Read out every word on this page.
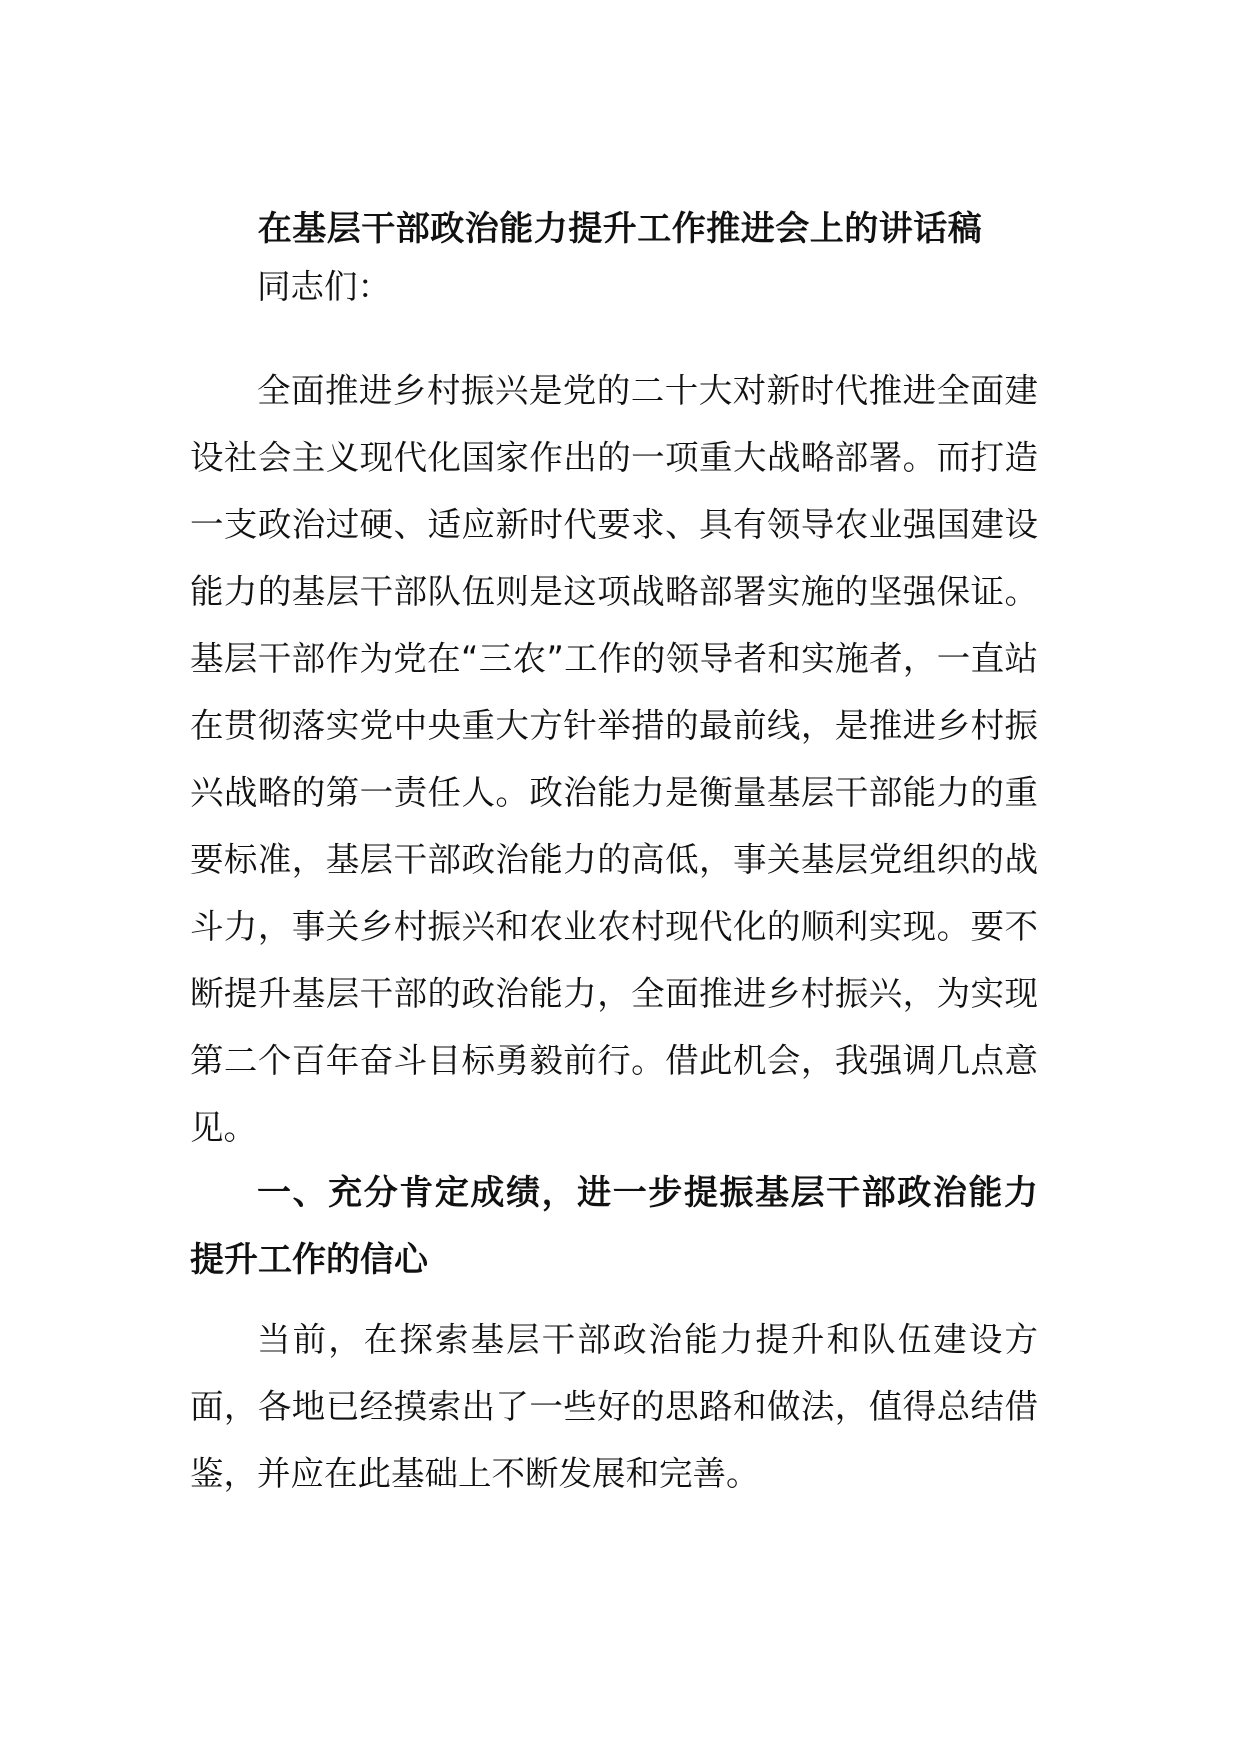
在基层干部政治能力提升工作推进会上的讲话稿

同志们：

全面推进乡村振兴是党的二十大对新时代推进全面建设社会主义现代化国家作出的一项重大战略部署。而打造一支政治过硬、适应新时代要求、具有领导农业强国建设能力的基层干部队伍则是这项战略部署实施的坚强保证。基层干部作为党在“三农”工作的领导者和实施者，一直站在贯彻落实党中央重大方针举措的最前线，是推进乡村振兴战略的第一责任人。政治能力是衡量基层干部能力的重要标准，基层干部政治能力的高低，事关基层党组织的战斗力，事关乡村振兴和农业农村现代化的顺利实现。要不断提升基层干部的政治能力，全面推进乡村振兴，为实现第二个百年奋斗目标勇毅前行。借此机会，我强调几点意见。

一、充分肯定成绩，进一步提振基层干部政治能力提升工作的信心

当前，在探索基层干部政治能力提升和队伍建设方面，各地已经摸索出了一些好的思路和做法，值得总结借鉴，并应在此基础上不断发展和完善。
